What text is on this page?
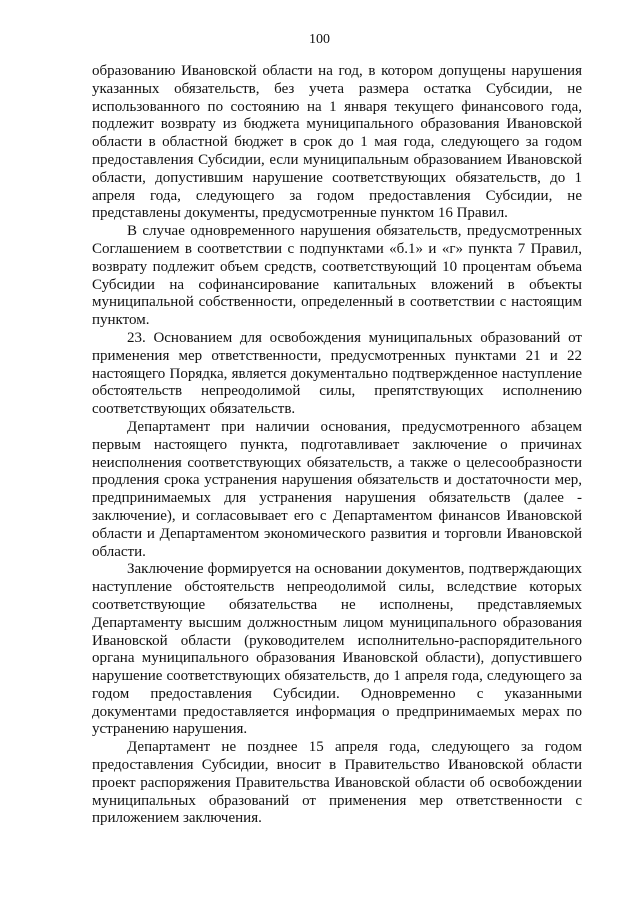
100

образованию Ивановской области на год, в котором допущены нарушения указанных обязательств, без учета размера остатка Субсидии, не использованного по состоянию на 1 января текущего финансового года, подлежит возврату из бюджета муниципального образования Ивановской области в областной бюджет в срок до 1 мая года, следующего за годом предоставления Субсидии, если муниципальным образованием Ивановской области, допустившим нарушение соответствующих обязательств, до 1 апреля года, следующего за годом предоставления Субсидии, не представлены документы, предусмотренные пунктом 16 Правил.

В случае одновременного нарушения обязательств, предусмотренных Соглашением в соответствии с подпунктами «б.1» и «г» пункта 7 Правил, возврату подлежит объем средств, соответствующий 10 процентам объема Субсидии на софинансирование капитальных вложений в объекты муниципальной собственности, определенный в соответствии с настоящим пунктом.

23. Основанием для освобождения муниципальных образований от применения мер ответственности, предусмотренных пунктами 21 и 22 настоящего Порядка, является документально подтвержденное наступление обстоятельств непреодолимой силы, препятствующих исполнению соответствующих обязательств.

Департамент при наличии основания, предусмотренного абзацем первым настоящего пункта, подготавливает заключение о причинах неисполнения соответствующих обязательств, а также о целесообразности продления срока устранения нарушения обязательств и достаточности мер, предпринимаемых для устранения нарушения обязательств (далее - заключение), и согласовывает его с Департаментом финансов Ивановской области и Департаментом экономического развития и торговли Ивановской области.

Заключение формируется на основании документов, подтверждающих наступление обстоятельств непреодолимой силы, вследствие которых соответствующие обязательства не исполнены, представляемых Департаменту высшим должностным лицом муниципального образования Ивановской области (руководителем исполнительно-распорядительного органа муниципального образования Ивановской области), допустившего нарушение соответствующих обязательств, до 1 апреля года, следующего за годом предоставления Субсидии. Одновременно с указанными документами предоставляется информация о предпринимаемых мерах по устранению нарушения.

Департамент не позднее 15 апреля года, следующего за годом предоставления Субсидии, вносит в Правительство Ивановской области проект распоряжения Правительства Ивановской области об освобождении муниципальных образований от применения мер ответственности с приложением заключения.
